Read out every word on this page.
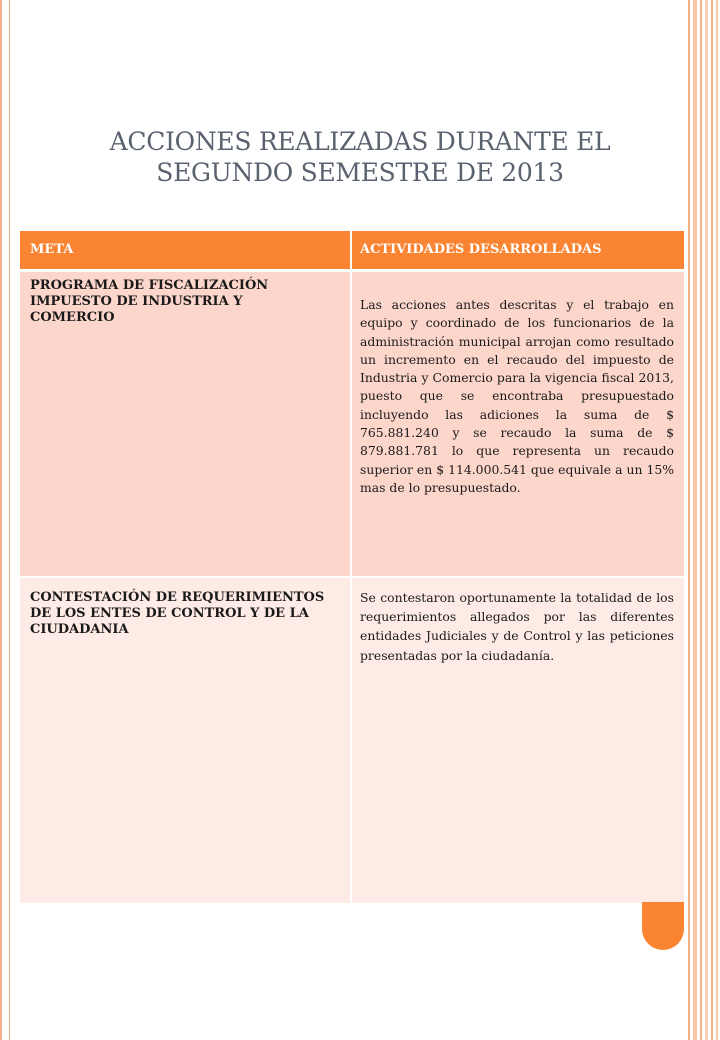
ACCIONES REALIZADAS DURANTE EL
SEGUNDO SEMESTRE DE 2013
META	ACTIVIDADES DESARROLLADAS
PROGRAMA DE FISCALIZACIÓN IMPUESTO DE INDUSTRIA Y COMERCIO
Las acciones antes descritas y el trabajo en equipo y coordinado de los funcionarios de la administración municipal arrojan como resultado un incremento en el recaudo del impuesto de Industria y Comercio para la vigencia fiscal 2013, puesto que se encontraba presupuestado incluyendo las adiciones la suma de $ 765.881.240 y se recaudo la suma de $ 879.881.781 lo que representa un recaudo superior en $ 114.000.541 que equivale a un 15% mas de lo presupuestado.
CONTESTACIÓN DE REQUERIMIENTOS DE LOS ENTES DE CONTROL Y DE LA CIUDADANIA
Se contestaron oportunamente la totalidad de los requerimientos allegados por las diferentes entidades Judiciales y de Control y las peticiones presentadas por la ciudadanía.
